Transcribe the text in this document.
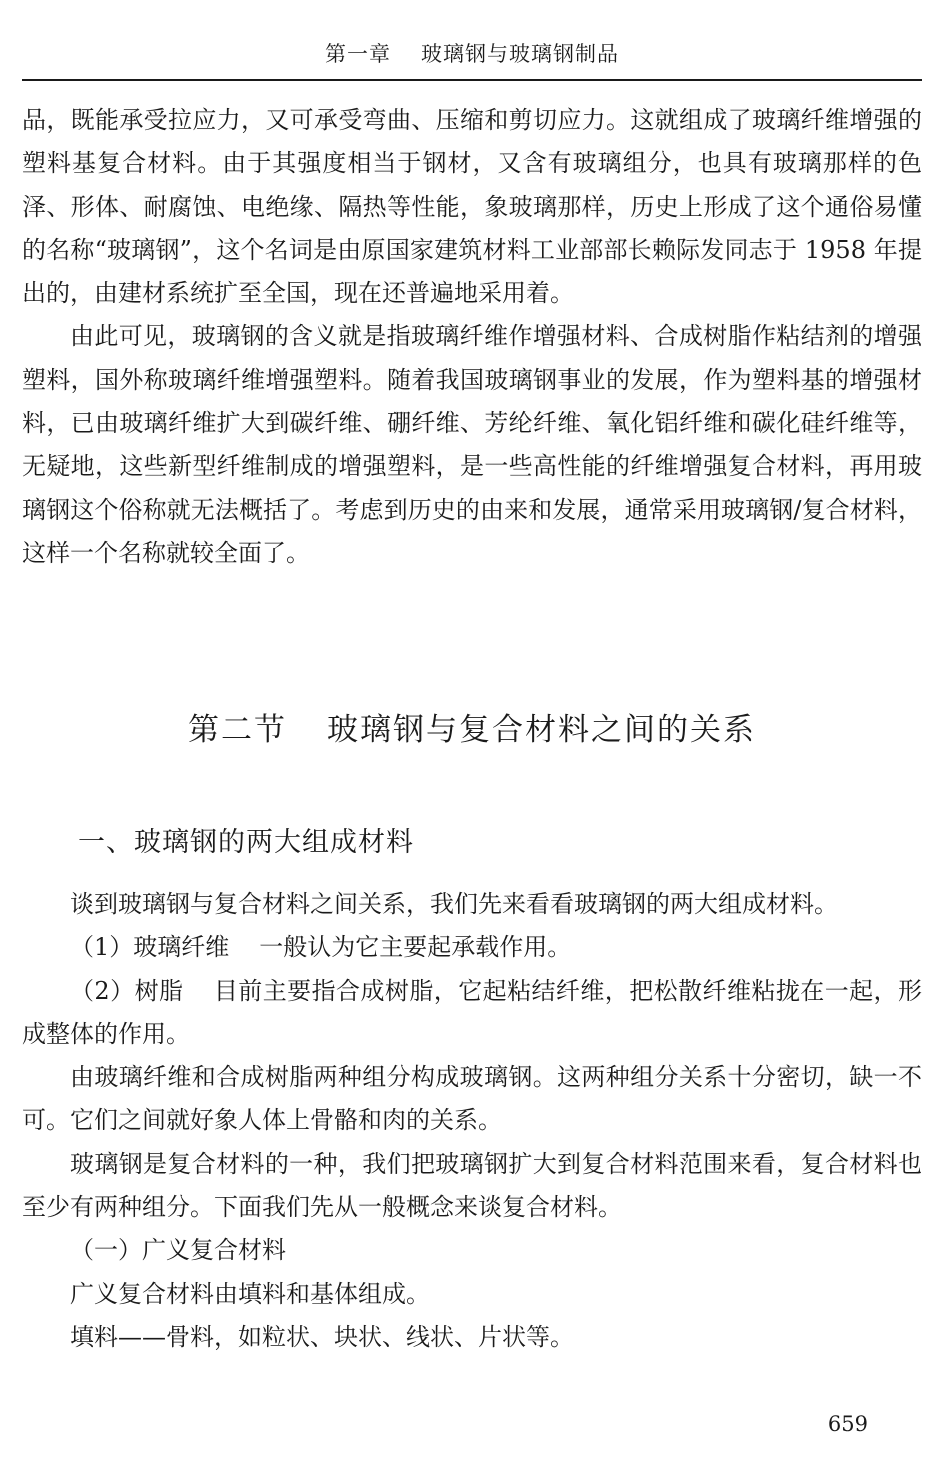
第一章 玻璃钢与玻璃钢制品

品，既能承受拉应力，又可承受弯曲、压缩和剪切应力。这就组成了玻璃纤维增强的塑料基复合材料。由于其强度相当于钢材，又含有玻璃组分，也具有玻璃那样的色泽、形体、耐腐蚀、电绝缘、隔热等性能，象玻璃那样，历史上形成了这个通俗易懂的名称“玻璃钢”，这个名词是由原国家建筑材料工业部部长赖际发同志于 1958 年提出的，由建材系统扩至全国，现在还普遍地采用着。

由此可见，玻璃钢的含义就是指玻璃纤维作增强材料、合成树脂作粘结剂的增强塑料，国外称玻璃纤维增强塑料。随着我国玻璃钢事业的发展，作为塑料基的增强材料，已由玻璃纤维扩大到碳纤维、硼纤维、芳纶纤维、氧化铝纤维和碳化硅纤维等，无疑地，这些新型纤维制成的增强塑料，是一些高性能的纤维增强复合材料，再用玻璃钢这个俗称就无法概括了。考虑到历史的由来和发展，通常采用玻璃钢/复合材料，这样一个名称就较全面了。

第二节 玻璃钢与复合材料之间的关系
一、玻璃钢的两大组成材料

谈到玻璃钢与复合材料之间关系，我们先来看看玻璃钢的两大组成材料。

（1）玻璃纤维 一般认为它主要起承载作用。

（2）树脂 目前主要指合成树脂，它起粘结纤维，把松散纤维粘拢在一起，形成整体的作用。

由玻璃纤维和合成树脂两种组分构成玻璃钢。这两种组分关系十分密切，缺一不可。它们之间就好象人体上骨骼和肉的关系。

玻璃钢是复合材料的一种，我们把玻璃钢扩大到复合材料范围来看，复合材料也至少有两种组分。下面我们先从一般概念来谈复合材料。

（一）广义复合材料

广义复合材料由填料和基体组成。

填料——骨料，如粒状、块状、线状、片状等。

659
